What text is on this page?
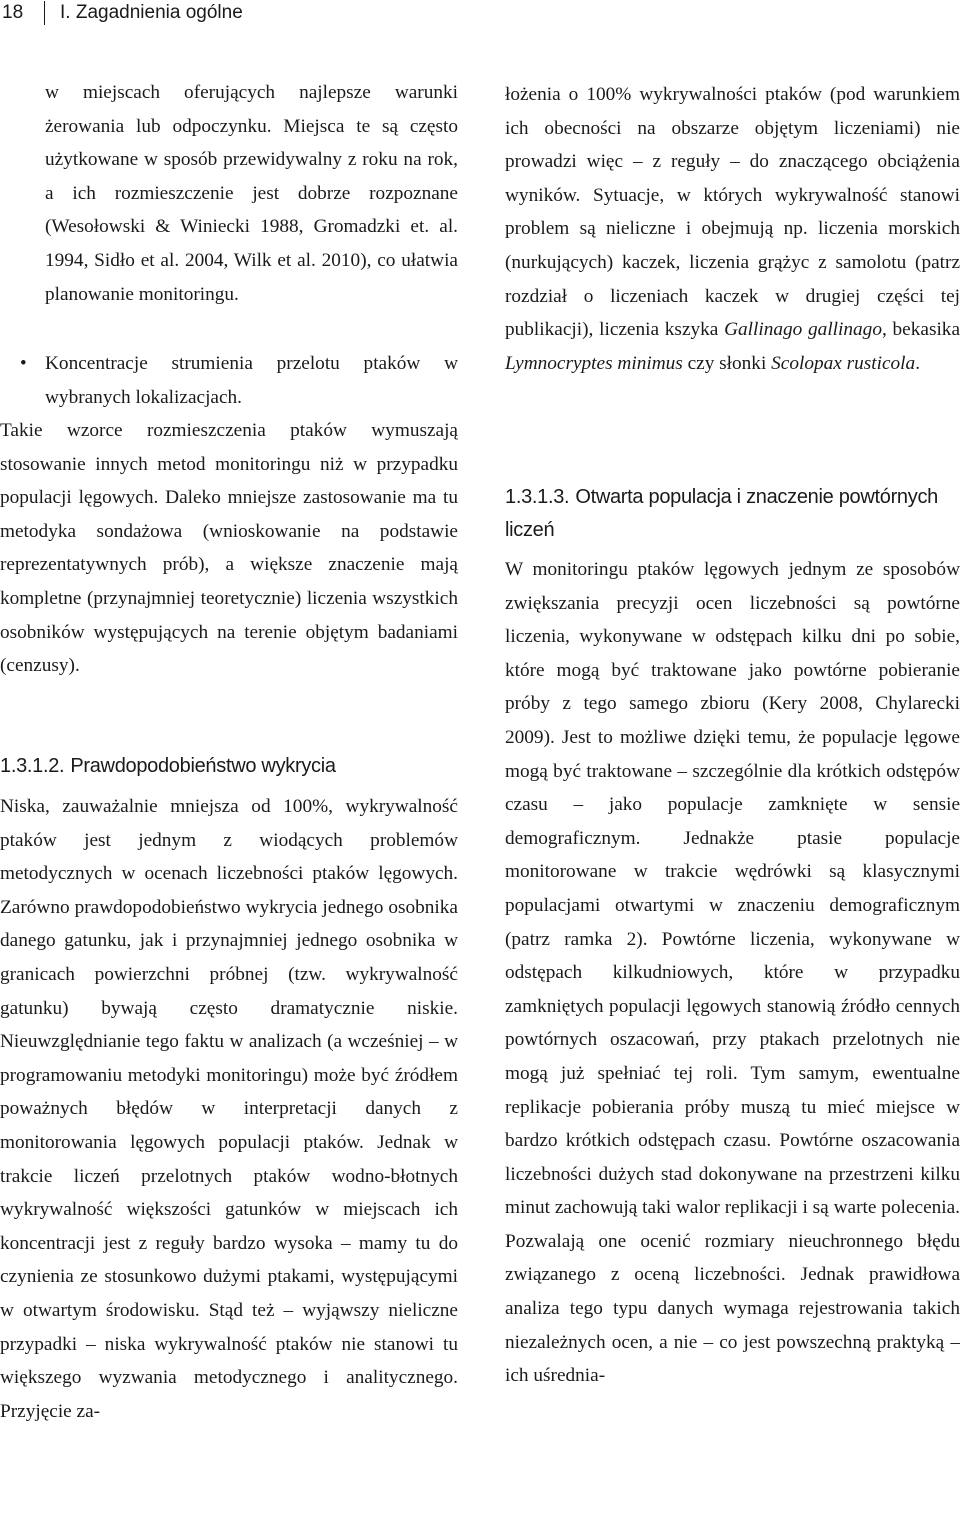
18 I. Zagadnienia ogólne

w miejscach oferujących najlepsze warunki żerowania lub odpoczynku. Miejsca te są często użytkowane w sposób przewidywalny z roku na rok, a ich rozmieszczenie jest dobrze rozpoznane (Wesołowski & Winiecki 1988, Gromadzki et. al. 1994, Sidło et al. 2004, Wilk et al. 2010), co ułatwia planowanie monitoringu.

• Koncentracje strumienia przelotu ptaków w wybranych lokalizacjach.

Takie wzorce rozmieszczenia ptaków wymuszają stosowanie innych metod monitoringu niż w przypadku populacji lęgowych. Daleko mniejsze zastosowanie ma tu metodyka sondażowa (wnioskowanie na podstawie reprezentatywnych prób), a większe znaczenie mają kompletne (przynajmniej teoretycznie) liczenia wszystkich osobników występujących na terenie objętym badaniami (cenzusy).

1.3.1.2. Prawdopodobieństwo wykrycia

Niska, zauważalnie mniejsza od 100%, wykrywalność ptaków jest jednym z wiodących problemów metodycznych w ocenach liczebności ptaków lęgowych. Zarówno prawdopodobieństwo wykrycia jednego osobnika danego gatunku, jak i przynajmniej jednego osobnika w granicach powierzchni próbnej (tzw. wykrywalność gatunku) bywają często dramatycznie niskie. Nieuwzględnianie tego faktu w analizach (a wcześniej – w programowaniu metodyki monitoringu) może być źródłem poważnych błędów w interpretacji danych z monitorowania lęgowych populacji ptaków. Jednak w trakcie liczeń przelotnych ptaków wodno-błotnych wykrywalność większości gatunków w miejscach ich koncentracji jest z reguły bardzo wysoka – mamy tu do czynienia ze stosunkowo dużymi ptakami, występującymi w otwartym środowisku. Stąd też – wyjąwszy nieliczne przypadki – niska wykrywalność ptaków nie stanowi tu większego wyzwania metodycznego i analitycznego. Przyjęcie za-

łożenia o 100% wykrywalności ptaków (pod warunkiem ich obecności na obszarze objętym liczeniami) nie prowadzi więc – z reguły – do znaczącego obciążenia wyników. Sytuacje, w których wykrywalność stanowi problem są nieliczne i obejmują np. liczenia morskich (nurkujących) kaczek, liczenia grążyc z samolotu (patrz rozdział o liczeniach kaczek w drugiej części tej publikacji), liczenia kszyka Gallinago gallinago, bekasika Lymnocryptes minimus czy słonki Scolopax rusticola.

1.3.1.3. Otwarta populacja i znaczenie powtórnych liczeń

W monitoringu ptaków lęgowych jednym ze sposobów zwiększania precyzji ocen liczebności są powtórne liczenia, wykonywane w odstępach kilku dni po sobie, które mogą być traktowane jako powtórne pobieranie próby z tego samego zbioru (Kery 2008, Chylarecki 2009). Jest to możliwe dzięki temu, że populacje lęgowe mogą być traktowane – szczególnie dla krótkich odstępów czasu – jako populacje zamknięte w sensie demograficznym. Jednakże ptasie populacje monitorowane w trakcie wędrówki są klasycznymi populacjami otwartymi w znaczeniu demograficznym (patrz ramka 2). Powtórne liczenia, wykonywane w odstępach kilkudniowych, które w przypadku zamkniętych populacji lęgowych stanowią źródło cennych powtórnych oszacowań, przy ptakach przelotnych nie mogą już spełniać tej roli. Tym samym, ewentualne replikacje pobierania próby muszą tu mieć miejsce w bardzo krótkich odstępach czasu. Powtórne oszacowania liczebności dużych stad dokonywane na przestrzeni kilku minut zachowują taki walor replikacji i są warte polecenia. Pozwalają one ocenić rozmiary nieuchronnego błędu związanego z oceną liczebności. Jednak prawidłowa analiza tego typu danych wymaga rejestrowania takich niezależnych ocen, a nie – co jest powszechną praktyką – ich uśrednia-
